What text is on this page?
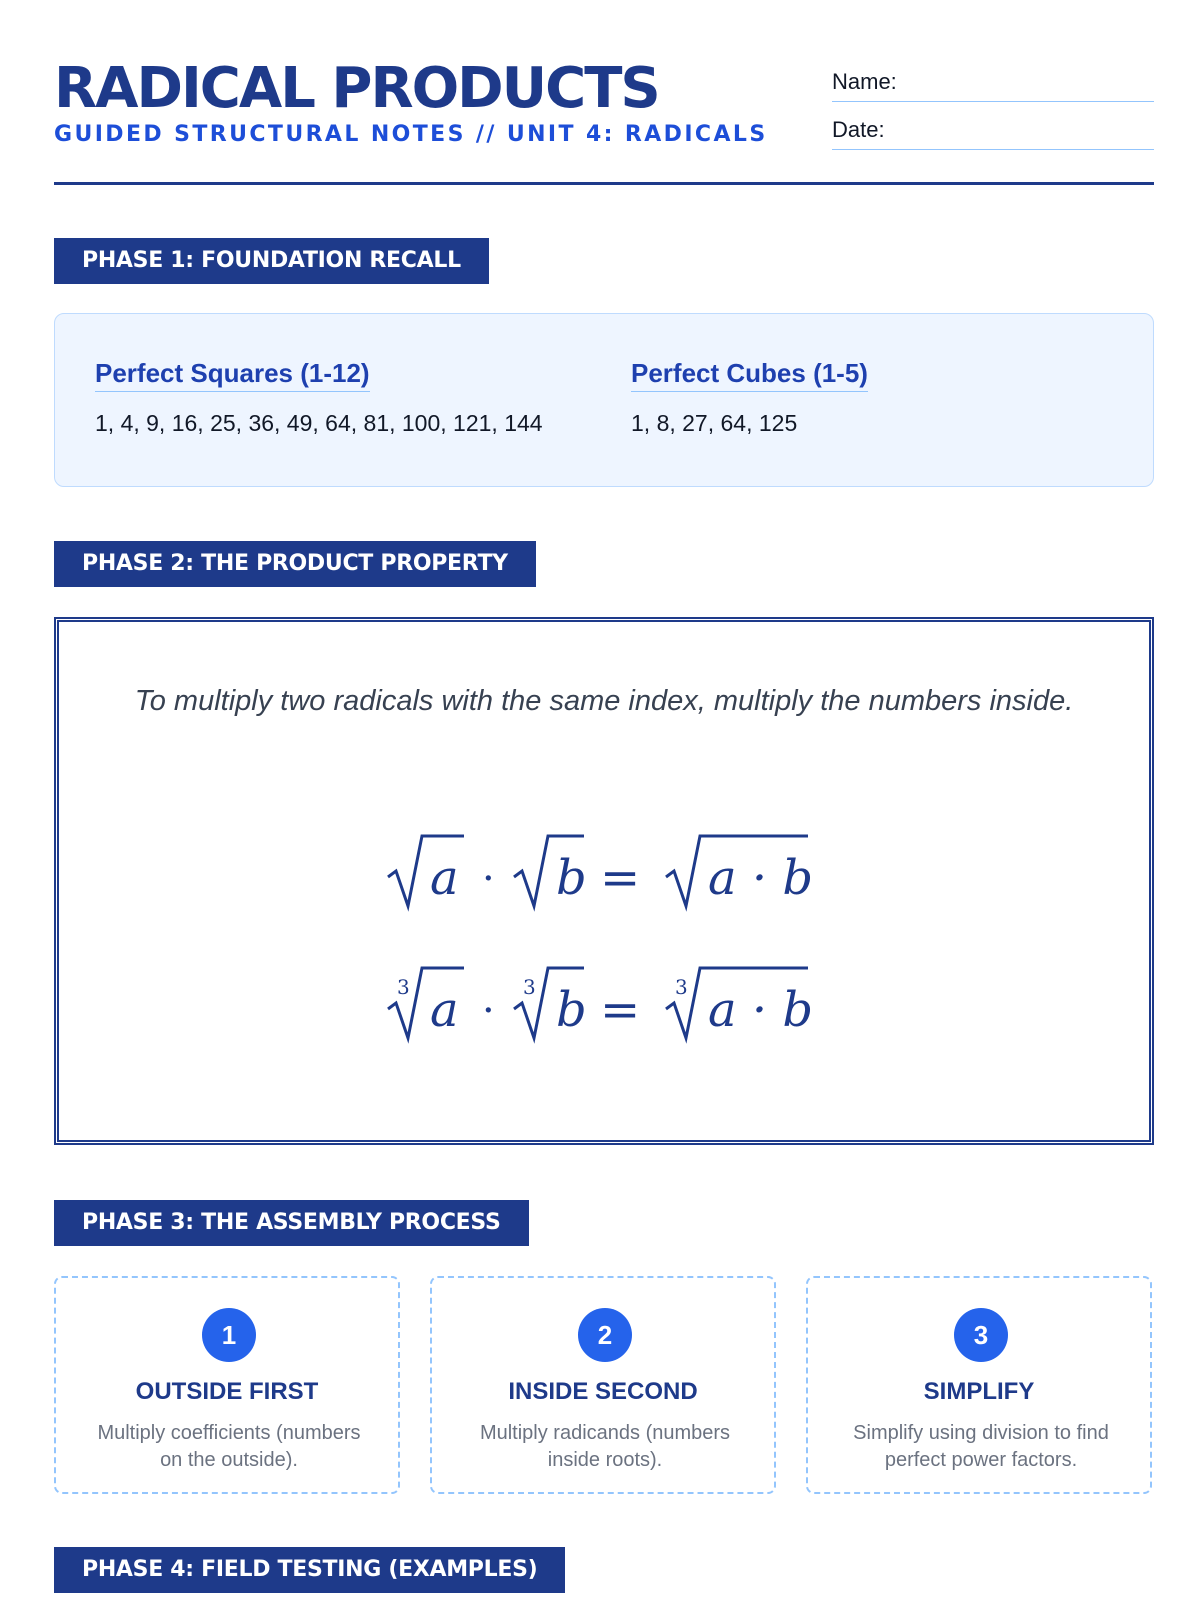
RADICAL PRODUCTS
GUIDED STRUCTURAL NOTES // UNIT 4: RADICALS
Name:
Date:
PHASE 1: FOUNDATION RECALL
Perfect Squares (1-12)
1, 4, 9, 16, 25, 36, 49, 64, 81, 100, 121, 144
Perfect Cubes (1-5)
1, 8, 27, 64, 125
PHASE 2: THE PRODUCT PROPERTY
To multiply two radicals with the same index, multiply the numbers inside.
a · b = a · b
3	3	3
a · b = a · b
PHASE 3: THE ASSEMBLY PROCESS
1
OUTSIDE FIRST
Multiply coefficients (numbers on the outside).
2
INSIDE SECOND
Multiply radicands (numbers inside roots).
3
SIMPLIFY
Simplify using division to find perfect power factors.
PHASE 4: FIELD TESTING (EXAMPLES)
